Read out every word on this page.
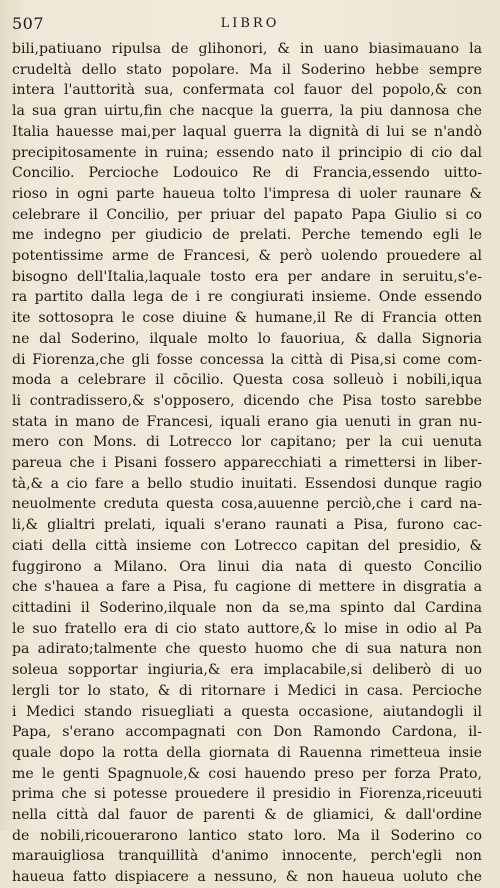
507	LIBRO
bili,patiuano ripulsa de glihonori, & in uano biasimauano la
crudeltà dello stato popolare. Ma il Soderino hebbe sempre
intera l'auttorità sua, confermata col fauor del popolo,& con
la sua gran uirtu,fin che nacque la guerra, la piu dannosa che
Italia hauesse mai,per laqual guerra la dignità di lui se n'andò
precipitosamente in ruina; essendo nato il principio di cio dal
Concilio. Percioche Lodouico Re di Francia,essendo uitto-
rioso in ogni parte haueua tolto l'impresa di uoler raunare &
celebrare il Concilio, per priuar del papato Papa Giulio si co
me indegno per giudicio de prelati. Perche temendo egli le
potentissime arme de Francesi, & però uolendo prouedere al
bisogno dell'Italia,laquale tosto era per andare in seruitu,s'e-
ra partito dalla lega de i re congiurati insieme. Onde essendo
ite sottosopra le cose diuine & humane,il Re di Francia otten
ne dal Soderino, ilquale molto lo fauoriua, & dalla Signoria
di Fiorenza,che gli fosse concessa la città di Pisa,si come com-
moda a celebrare il cōcilio. Questa cosa solleuò i nobili,iqua
li contradissero,& s'opposero, dicendo che Pisa tosto sarebbe
stata in mano de Francesi, iquali erano gia uenuti in gran nu-
mero con Mons. di Lotrecco lor capitano; per la cui uenuta
pareua che i Pisani fossero apparecchiati a rimettersi in liber-
tà,& a cio fare a bello studio inuitati. Essendosi dunque ragio
neuolmente creduta questa cosa,auuenne perciò,che i card na-
li,& glialtri prelati, iquali s'erano raunati a Pisa, furono cac-
ciati della città insieme con Lotrecco capitan del presidio, &
fuggirono a Milano. Ora linui dia nata di questo Concilio
che s'hauea a fare a Pisa, fu cagione di mettere in disgratia a
cittadini il Soderino,ilquale non da se,ma spinto dal Cardina
le suo fratello era di cio stato auttore,& lo mise in odio al Pa
pa adirato;talmente che questo huomo che di sua natura non
soleua sopportar ingiuria,& era implacabile,si deliberò di uo
lergli tor lo stato, & di ritornare i Medici in casa. Percioche
i Medici stando risuegliati a questa occasione, aiutandogli il
Papa, s'erano accompagnati con Don Ramondo Cardona, il-
quale dopo la rotta della giornata di Rauenna rimetteua insie
me le genti Spagnuole,& cosi hauendo preso per forza Prato,
prima che si potesse prouedere il presidio in Fiorenza,riceuuti
nella città dal fauor de parenti & de gliamici, & dall'ordine
de nobili,ricouerarono lantico stato loro. Ma il Soderino co
marauigliosa tranquillità d'animo innocente, perch'egli non
haueua fatto dispiacere a nessuno, & non haueua uoluto che
